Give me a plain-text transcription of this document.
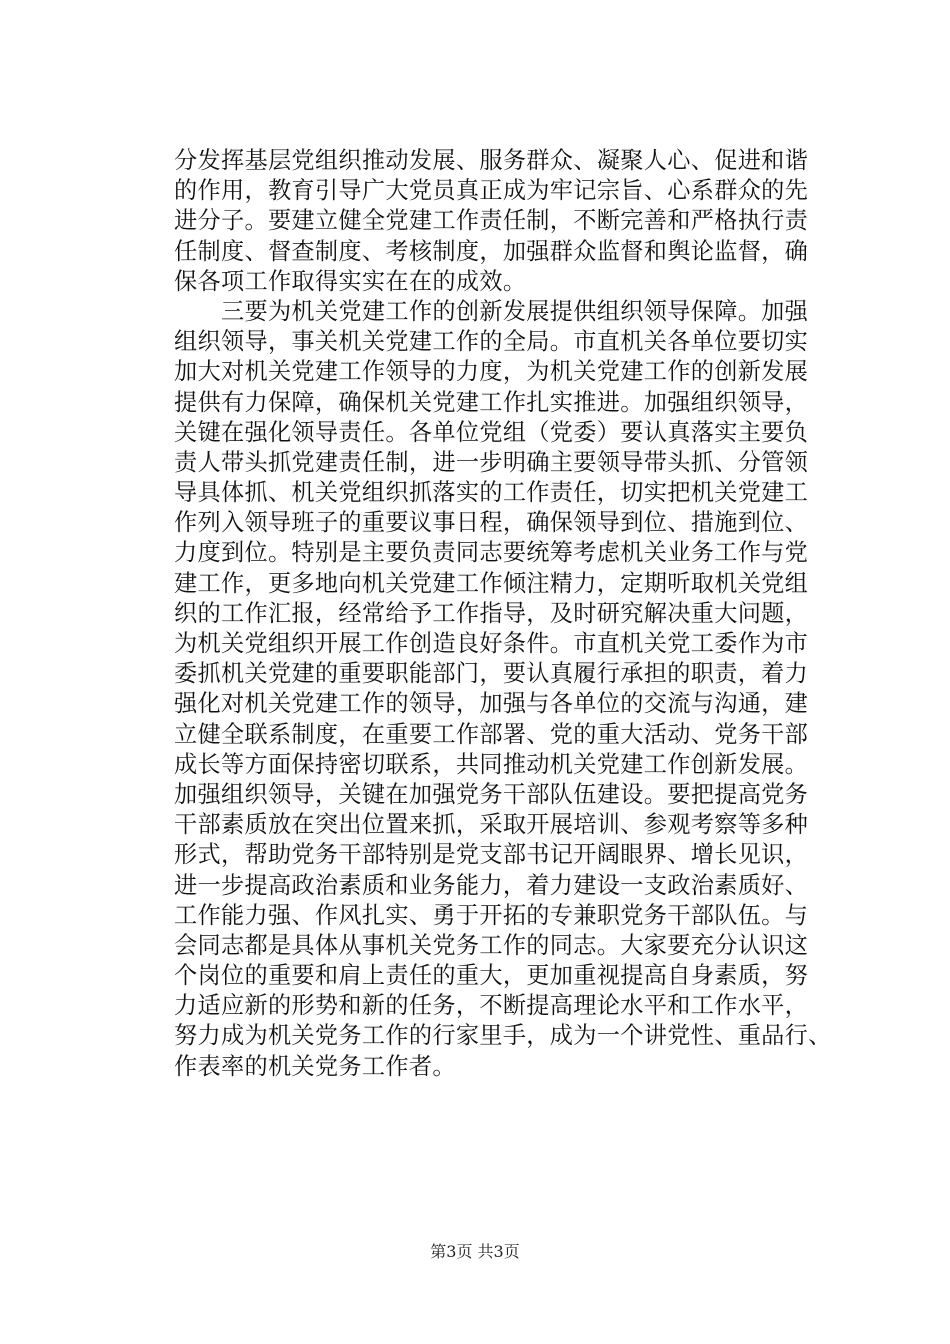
分发挥基层党组织推动发展、服务群众、凝聚人心、促进和谐
的作用，教育引导广大党员真正成为牢记宗旨、心系群众的先
进分子。要建立健全党建工作责任制，不断完善和严格执行责
任制度、督查制度、考核制度，加强群众监督和舆论监督，确
保各项工作取得实实在在的成效。
　　三要为机关党建工作的创新发展提供组织领导保障。加强
组织领导，事关机关党建工作的全局。市直机关各单位要切实
加大对机关党建工作领导的力度，为机关党建工作的创新发展
提供有力保障，确保机关党建工作扎实推进。加强组织领导，
关键在强化领导责任。各单位党组（党委）要认真落实主要负
责人带头抓党建责任制，进一步明确主要领导带头抓、分管领
导具体抓、机关党组织抓落实的工作责任，切实把机关党建工
作列入领导班子的重要议事日程，确保领导到位、措施到位、
力度到位。特别是主要负责同志要统筹考虑机关业务工作与党
建工作，更多地向机关党建工作倾注精力，定期听取机关党组
织的工作汇报，经常给予工作指导，及时研究解决重大问题，
为机关党组织开展工作创造良好条件。市直机关党工委作为市
委抓机关党建的重要职能部门，要认真履行承担的职责，着力
强化对机关党建工作的领导，加强与各单位的交流与沟通，建
立健全联系制度，在重要工作部署、党的重大活动、党务干部
成长等方面保持密切联系，共同推动机关党建工作创新发展。
加强组织领导，关键在加强党务干部队伍建设。要把提高党务
干部素质放在突出位置来抓，采取开展培训、参观考察等多种
形式，帮助党务干部特别是党支部书记开阔眼界、增长见识，
进一步提高政治素质和业务能力，着力建设一支政治素质好、
工作能力强、作风扎实、勇于开拓的专兼职党务干部队伍。与
会同志都是具体从事机关党务工作的同志。大家要充分认识这
个岗位的重要和肩上责任的重大，更加重视提高自身素质，努
力适应新的形势和新的任务，不断提高理论水平和工作水平，
努力成为机关党务工作的行家里手，成为一个讲党性、重品行、
作表率的机关党务工作者。
第3页 共3页
